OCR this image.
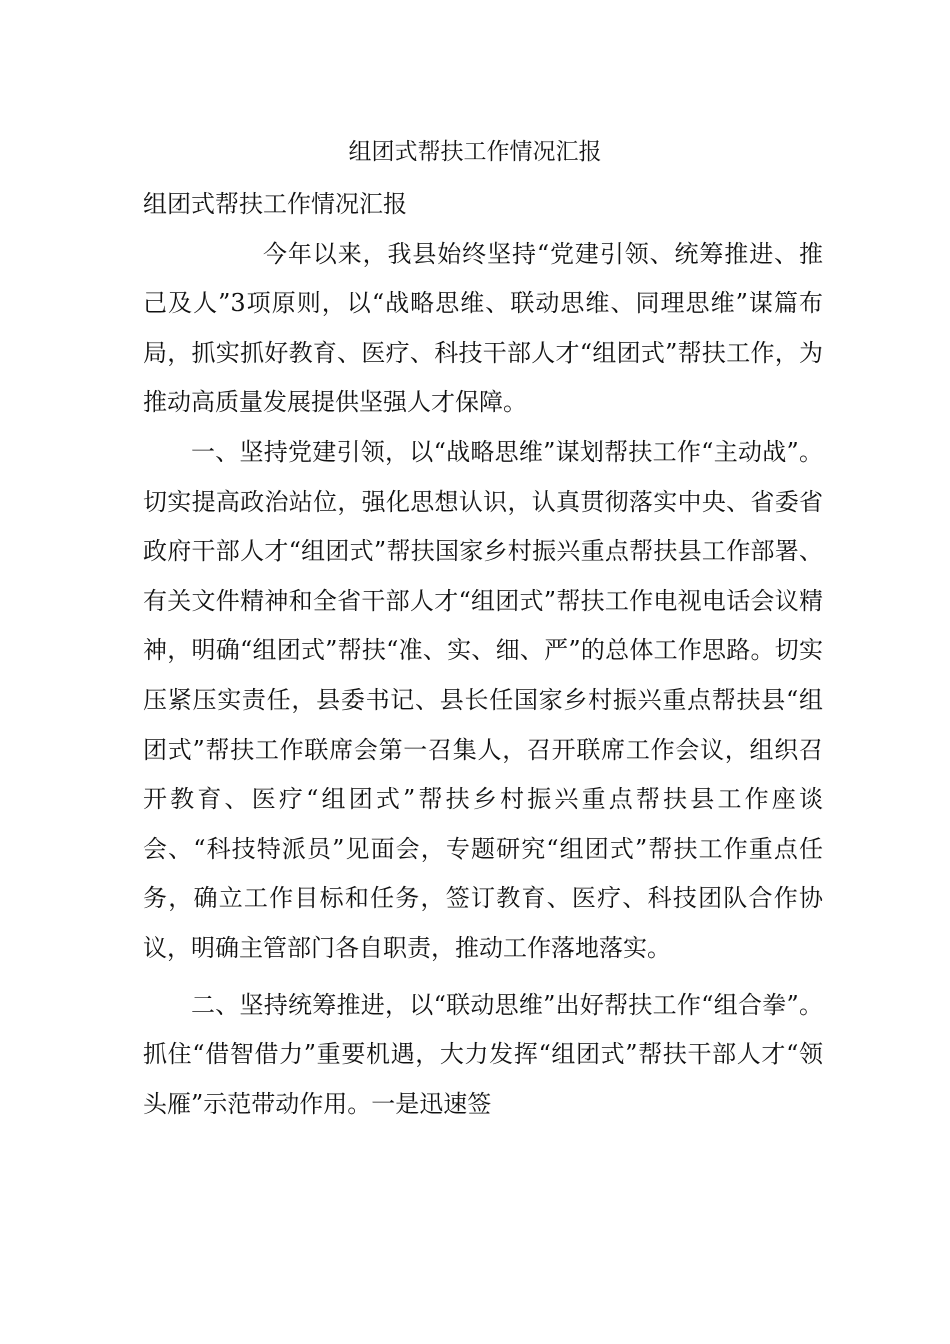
组团式帮扶工作情况汇报

组团式帮扶工作情况汇报

今年以来，我县始终坚持“党建引领、统筹推进、推己及人”3项原则，以“战略思维、联动思维、同理思维”谋篇布局，抓实抓好教育、医疗、科技干部人才“组团式”帮扶工作，为推动高质量发展提供坚强人才保障。

一、坚持党建引领，以“战略思维”谋划帮扶工作“主动战”。切实提高政治站位，强化思想认识，认真贯彻落实中央、省委省政府干部人才“组团式”帮扶国家乡村振兴重点帮扶县工作部署、有关文件精神和全省干部人才“组团式”帮扶工作电视电话会议精神，明确“组团式”帮扶“准、实、细、严”的总体工作思路。切实压紧压实责任，县委书记、县长任国家乡村振兴重点帮扶县“组团式”帮扶工作联席会第一召集人，召开联席工作会议，组织召开教育、医疗“组团式”帮扶乡村振兴重点帮扶县工作座谈会、“科技特派员”见面会，专题研究“组团式”帮扶工作重点任务，确立工作目标和任务，签订教育、医疗、科技团队合作协议，明确主管部门各自职责，推动工作落地落实。

二、坚持统筹推进，以“联动思维”出好帮扶工作“组合拳”。抓住“借智借力”重要机遇，大力发挥“组团式”帮扶干部人才“领头雁”示范带动作用。一是迅速签
